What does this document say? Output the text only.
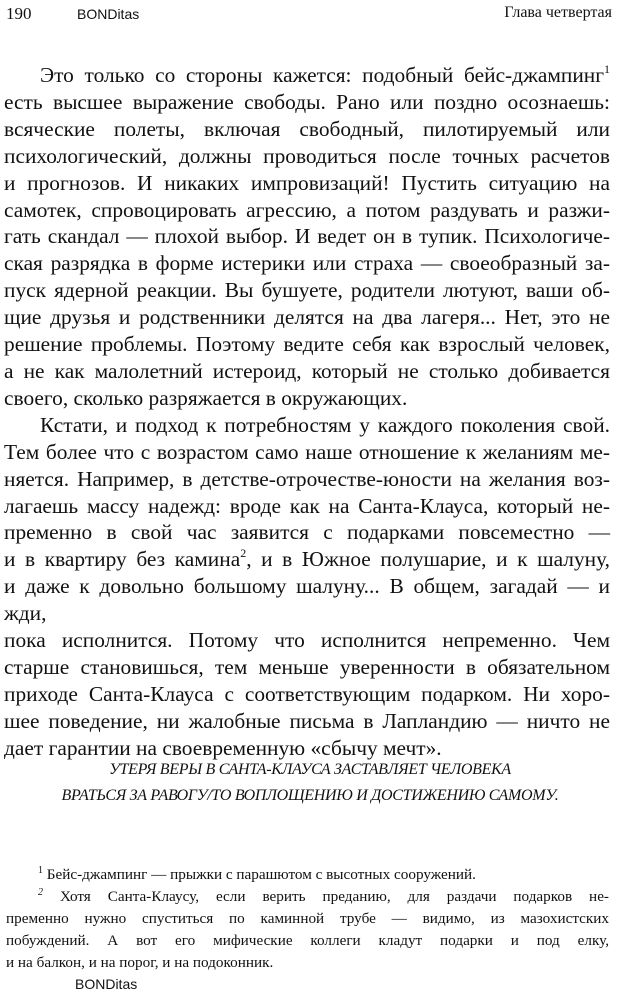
190	BONDitas	Глава четвертая
Это только со стороны кажется: подобный бейс-джампинг$^1$
есть высшее выражение свободы. Рано или поздно осознаешь:
всяческие полеты, включая свободный, пилотируемый или
психологический, должны проводиться после точных расчетов
и прогнозов. И никаких импровизаций! Пустить ситуацию на
самотек, спровоцировать агрессию, а потом раздувать и разжи-
гать скандал — плохой выбор. И ведет он в тупик. Психологиче-
ская разрядка в форме истерики или страха — своеобразный за-
пуск ядерной реакции. Вы бушуете, родители лютуют, ваши об-
щие друзья и родственники делятся на два лагеря... Нет, это не
решение проблемы. Поэтому ведите себя как взрослый человек,
а не как малолетний истероид, который не столько добивается
своего, сколько разряжается в окружающих.
Кстати, и подход к потребностям у каждого поколения свой.
Тем более что с возрастом само наше отношение к желаниям ме-
няется. Например, в детстве-отрочестве-юности на желания воз-
лагаешь массу надежд: вроде как на Санта-Клауса, который не-
пременно в свой час заявится с подарками повсеместно —
и в квартиру без камина$^2$, и в Южное полушарие, и к шалуну,
и даже к довольно большому шалуну... В общем, загадай — и жди,
пока исполнится. Потому что исполнится непременно. Чем
старше становишься, тем меньше уверенности в обязательном
приходе Санта-Клауса с соответствующим подарком. Ни хоро-
шее поведение, ни жалобные письма в Лапландию — ничто не
дает гарантии на своевременную «сбычу мечт».
УТЕРЯ ВЕРЫ В САНТА-КЛАУСА ЗАСТАВЛЯЕТ ЧЕЛОВЕКА
ВРАТЬСЯ ЗА РАВОГУ/ТО ВОПЛОЩЕНИЮ И ДОСТИЖЕНИЮ САМОМУ.
$^1$ Бейс-джампинг — прыжки с парашютом с высотных сооружений.
$^2$ Хотя Санта-Клаусу, если верить преданию, для раздачи подарков не-
пременно нужно спуститься по каминной трубе — видимо, из мазохистских
побуждений. А вот его мифические коллеги кладут подарки и под елку,
и на балкон, и на порог, и на подоконник.
BONDitas
